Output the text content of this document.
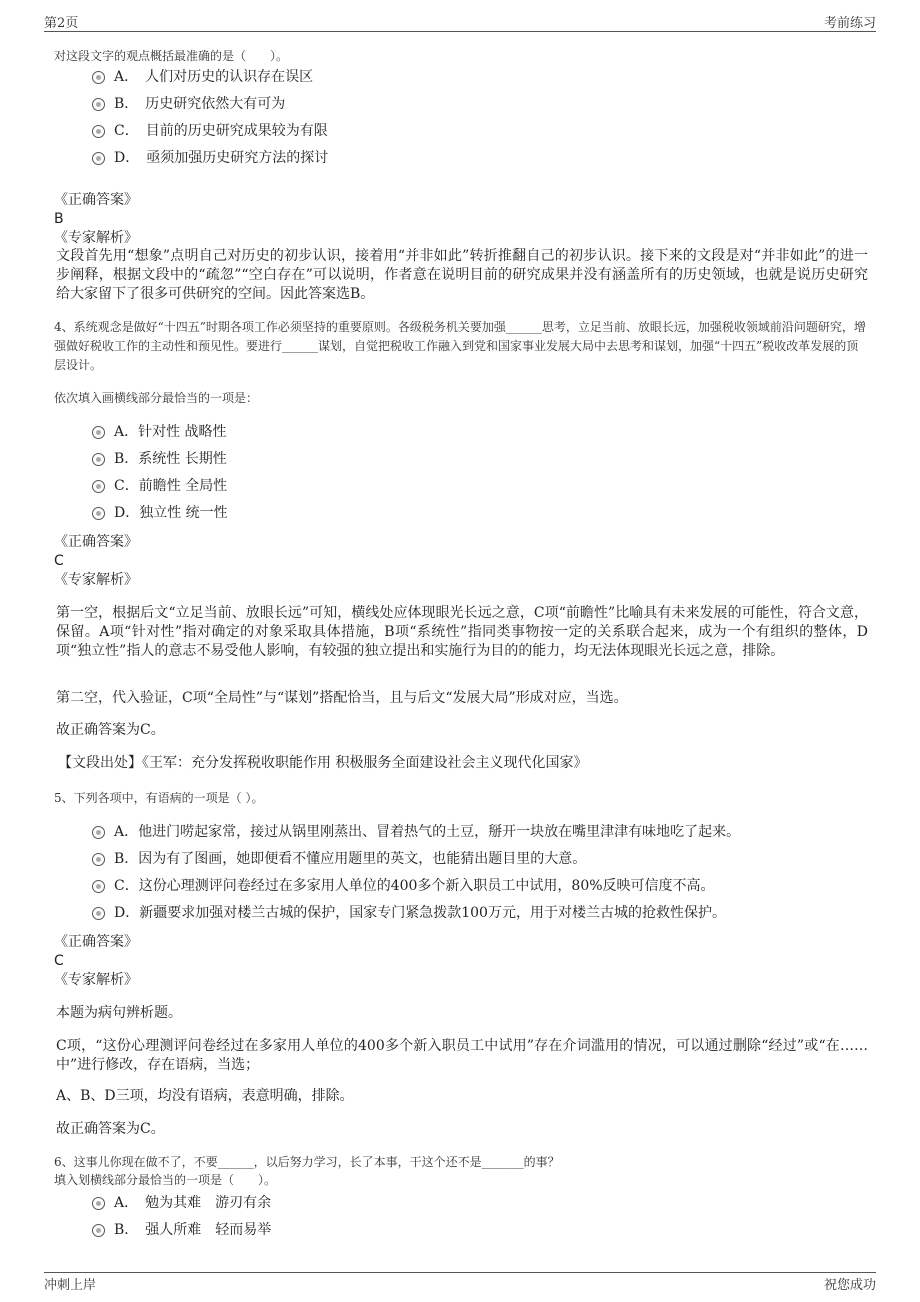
第2页	考前练习
对这段文字的观点概括最准确的是（　　）。
A．　人们对历史的认识存在误区
B．　历史研究依然大有可为
C．　目前的历史研究成果较为有限
D．　亟须加强历史研究方法的探讨
《正确答案》
B
《专家解析》
文段首先用“想象”点明自己对历史的初步认识，接着用“并非如此”转折推翻自己的初步认识。接下来的文段是对“并非如此”的进一步阐释，根据文段中的“疏忽”“空白存在”可以说明，作者意在说明目前的研究成果并没有涵盖所有的历史领域，也就是说历史研究给大家留下了很多可供研究的空间。因此答案选B。
4、系统观念是做好“十四五”时期各项工作必须坚持的重要原则。各级税务机关要加强______思考，立足当前、放眼长远，加强税收领域前沿问题研究，增强做好税收工作的主动性和预见性。要进行______谋划，自觉把税收工作融入到党和国家事业发展大局中去思考和谋划，加强“十四五”税收改革发展的顶层设计。
依次填入画横线部分最恰当的一项是：
A．针对性 战略性
B．系统性 长期性
C．前瞻性 全局性
D．独立性 统一性
《正确答案》
C
《专家解析》
第一空，根据后文“立足当前、放眼长远”可知，横线处应体现眼光长远之意，C项“前瞻性”比喻具有未来发展的可能性，符合文意，保留。A项“针对性”指对确定的对象采取具体措施，B项“系统性”指同类事物按一定的关系联合起来，成为一个有组织的整体，D项“独立性”指人的意志不易受他人影响，有较强的独立提出和实施行为目的的能力，均无法体现眼光长远之意，排除。
第二空，代入验证，C项“全局性”与“谋划”搭配恰当，且与后文“发展大局”形成对应，当选。
故正确答案为C。
【文段出处】《王军：充分发挥税收职能作用 积极服务全面建设社会主义现代化国家》
5、下列各项中，有语病的一项是（ ）。
A．他进门唠起家常，接过从锅里刚蒸出、冒着热气的土豆，掰开一块放在嘴里津津有味地吃了起来。
B．因为有了图画，她即便看不懂应用题里的英文，也能猜出题目里的大意。
C．这份心理测评问卷经过在多家用人单位的400多个新入职员工中试用，80%反映可信度不高。
D．新疆要求加强对楼兰古城的保护，国家专门紧急拨款100万元，用于对楼兰古城的抢救性保护。
《正确答案》
C
《专家解析》
本题为病句辨析题。
C项，“这份心理测评问卷经过在多家用人单位的400多个新入职员工中试用”存在介词滥用的情况，可以通过删除“经过”或“在……中”进行修改，存在语病，当选；
A、B、D三项，均没有语病，表意明确，排除。
故正确答案为C。
6、这事儿你现在做不了，不要______，以后努力学习，长了本事，干这个还不是_______的事？
填入划横线部分最恰当的一项是（　　）。
A．　勉为其难　游刃有余
B．　强人所难　轻而易举
冲刺上岸	祝您成功
